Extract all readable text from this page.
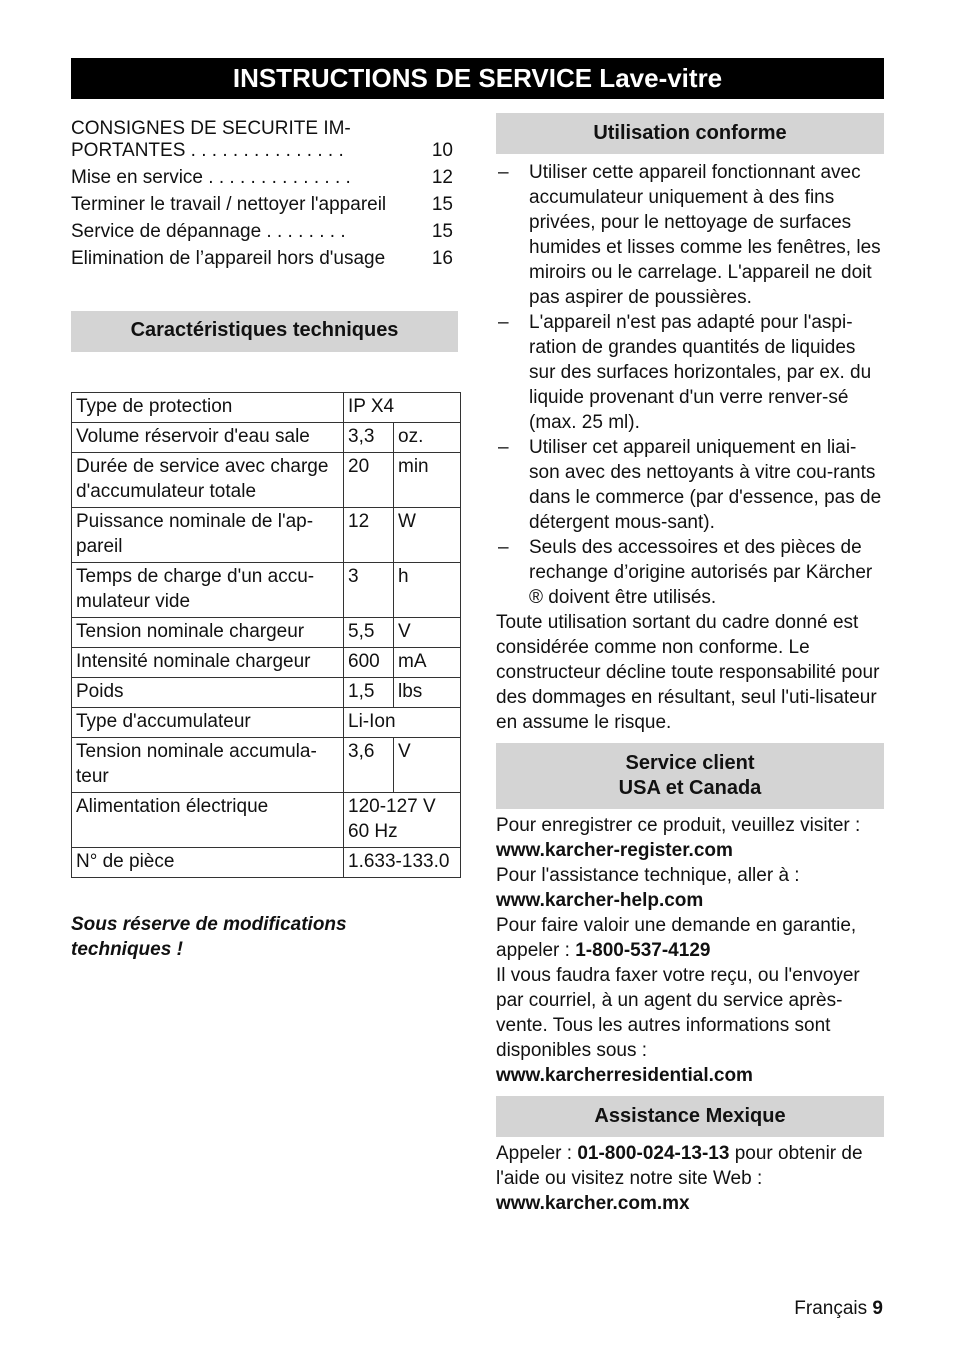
INSTRUCTIONS DE SERVICE Lave-vitre
CONSIGNES DE SECURITE IM-
PORTANTES . . . . . . . . . . . . . . .	10
Mise en service . . . . . . . . . . . . . .	12
Terminer le travail / nettoyer l'appareil	15
Service de dépannage . . . . . . . .	15
Elimination de l’appareil hors d'usage	16
Caractéristiques techniques
Type de protection	IP X4	
Volume réservoir d'eau sale	3,3	oz.
Durée de service avec charge d'accumulateur totale	20	min
Puissance nominale de l'ap-pareil	12	W
Temps de charge d'un accu-mulateur vide	3	h
Tension nominale chargeur	5,5	V
Intensité nominale chargeur	600	mA
Poids	1,5	lbs
Type d'accumulateur	Li-Ion	
Tension nominale accumula-teur	3,6	V
Alimentation électrique	120-127 V 60 Hz	
N° de pièce	1.633-133.0	
Sous réserve de modifications techniques !
Utilisation conforme
– Utiliser cette appareil fonctionnant avec accumulateur uniquement à des fins privées, pour le nettoyage de surfaces humides et lisses comme les fenêtres, les miroirs ou le carrelage. L'appareil ne doit pas aspirer de poussières.
– L'appareil n'est pas adapté pour l'aspi-ration de grandes quantités de liquides sur des surfaces horizontales, par ex. du liquide provenant d'un verre renver-sé (max. 25 ml).
– Utiliser cet appareil uniquement en liai-son avec des nettoyants à vitre cou-rants dans le commerce (par d'essence, pas de détergent mous-sant).
– Seuls des accessoires et des pièces de rechange d’origine autorisés par Kärcher ® doivent être utilisés.

Toute utilisation sortant du cadre donné est considérée comme non conforme. Le constructeur décline toute responsabilité pour des dommages en résultant, seul l'uti-lisateur en assume le risque.

Service client
USA et Canada
Pour enregistrer ce produit, veuillez visiter :
www.karcher-register.com
Pour l'assistance technique, aller à :
www.karcher-help.com
Pour faire valoir une demande en garantie, appeler : 1-800-537-4129
Il vous faudra faxer votre reçu, ou l'envoyer par courriel, à un agent du service après-vente. Tous les autres informations sont disponibles sous :
www.karcherresidential.com
Assistance Mexique
Appeler : 01-800-024-13-13 pour obtenir de l'aide ou visitez notre site Web :
www.karcher.com.mx
Français 9
